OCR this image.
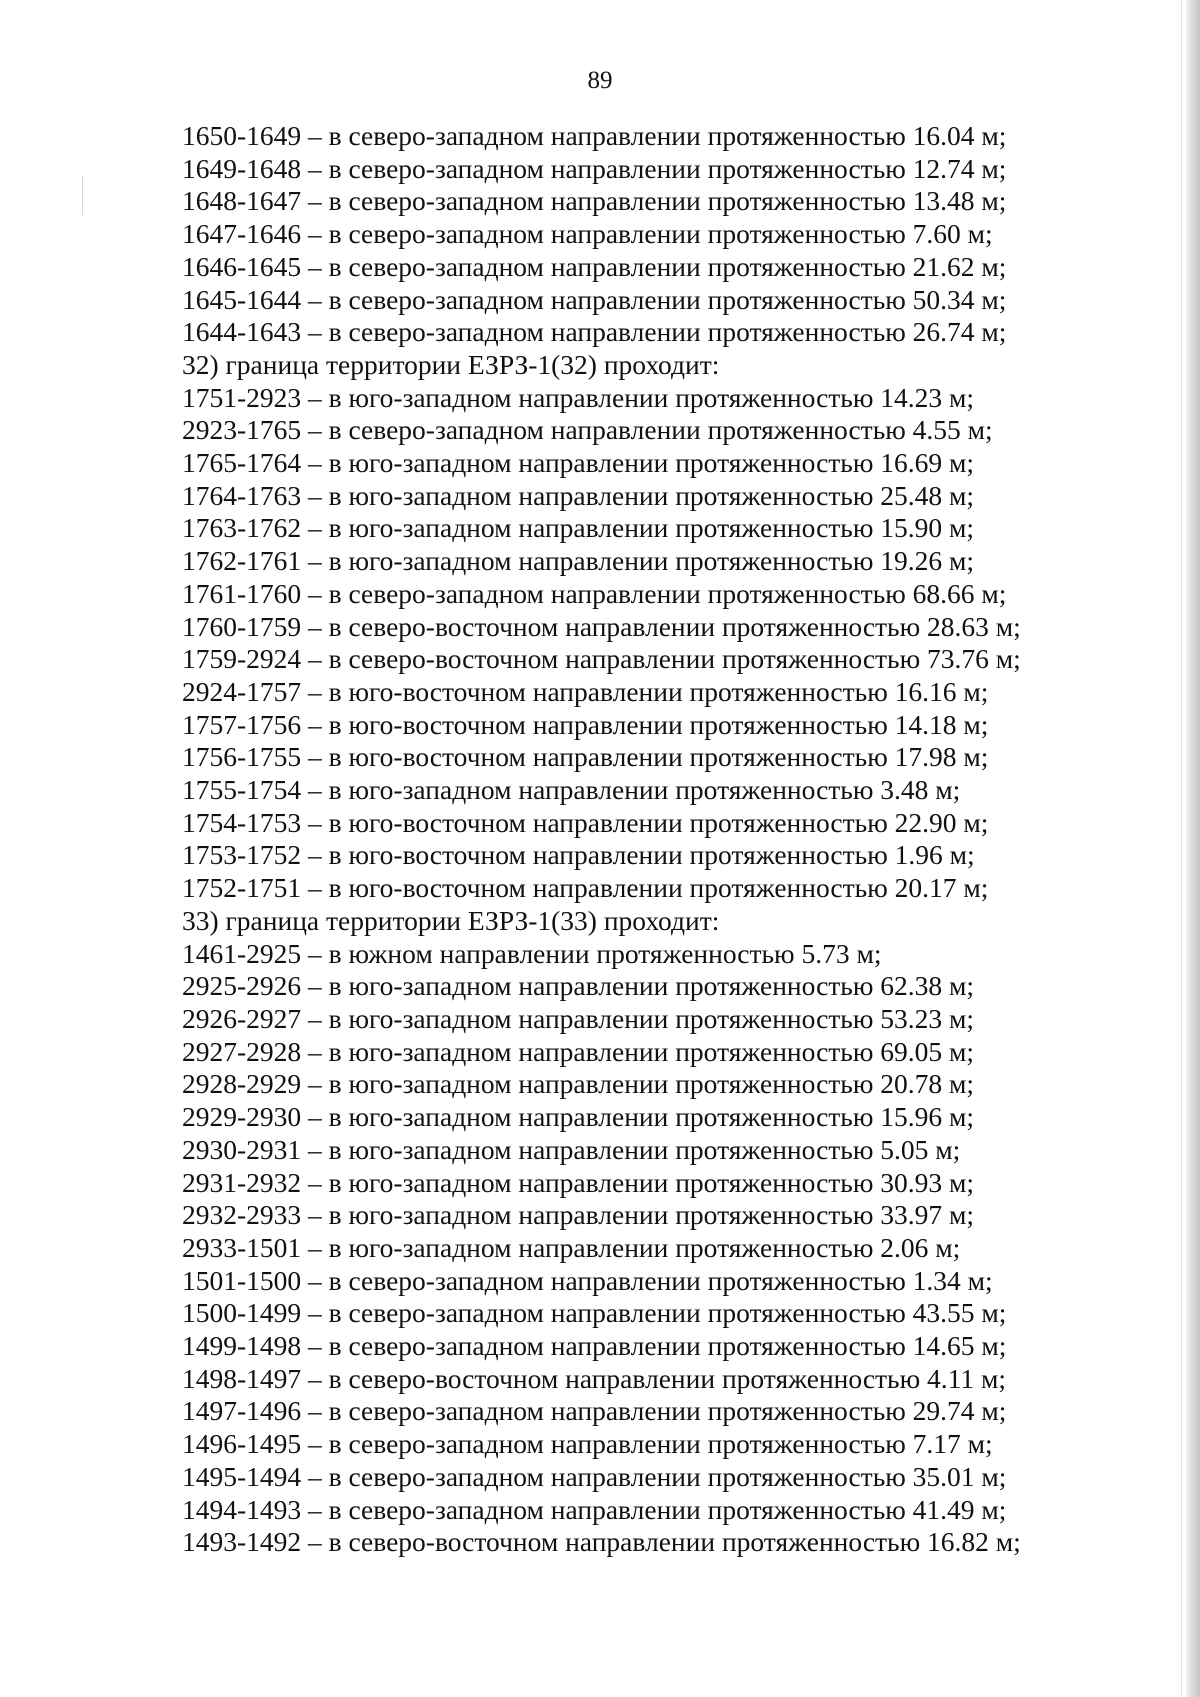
89
1650-1649 – в северо-западном направлении протяженностью 16.04 м;
1649-1648 – в северо-западном направлении протяженностью 12.74 м;
1648-1647 – в северо-западном направлении протяженностью 13.48 м;
1647-1646 – в северо-западном направлении протяженностью 7.60 м;
1646-1645 – в северо-западном направлении протяженностью 21.62 м;
1645-1644 – в северо-западном направлении протяженностью 50.34 м;
1644-1643 – в северо-западном направлении протяженностью 26.74 м;
32) граница территории ЕЗРЗ-1(32) проходит:
1751-2923 – в юго-западном направлении протяженностью 14.23 м;
2923-1765 – в северо-западном направлении протяженностью 4.55 м;
1765-1764 – в юго-западном направлении протяженностью 16.69 м;
1764-1763 – в юго-западном направлении протяженностью 25.48 м;
1763-1762 – в юго-западном направлении протяженностью 15.90 м;
1762-1761 – в юго-западном направлении протяженностью 19.26 м;
1761-1760 – в северо-западном направлении протяженностью 68.66 м;
1760-1759 – в северо-восточном направлении протяженностью 28.63 м;
1759-2924 – в северо-восточном направлении протяженностью 73.76 м;
2924-1757 – в юго-восточном направлении протяженностью 16.16 м;
1757-1756 – в юго-восточном направлении протяженностью 14.18 м;
1756-1755 – в юго-восточном направлении протяженностью 17.98 м;
1755-1754 – в юго-западном направлении протяженностью 3.48 м;
1754-1753 – в юго-восточном направлении протяженностью 22.90 м;
1753-1752 – в юго-восточном направлении протяженностью 1.96 м;
1752-1751 – в юго-восточном направлении протяженностью 20.17 м;
33) граница территории ЕЗРЗ-1(33) проходит:
1461-2925 – в южном направлении протяженностью 5.73 м;
2925-2926 – в юго-западном направлении протяженностью 62.38 м;
2926-2927 – в юго-западном направлении протяженностью 53.23 м;
2927-2928 – в юго-западном направлении протяженностью 69.05 м;
2928-2929 – в юго-западном направлении протяженностью 20.78 м;
2929-2930 – в юго-западном направлении протяженностью 15.96 м;
2930-2931 – в юго-западном направлении протяженностью 5.05 м;
2931-2932 – в юго-западном направлении протяженностью 30.93 м;
2932-2933 – в юго-западном направлении протяженностью 33.97 м;
2933-1501 – в юго-западном направлении протяженностью 2.06 м;
1501-1500 – в северо-западном направлении протяженностью 1.34 м;
1500-1499 – в северо-западном направлении протяженностью 43.55 м;
1499-1498 – в северо-западном направлении протяженностью 14.65 м;
1498-1497 – в северо-восточном направлении протяженностью 4.11 м;
1497-1496 – в северо-западном направлении протяженностью 29.74 м;
1496-1495 – в северо-западном направлении протяженностью 7.17 м;
1495-1494 – в северо-западном направлении протяженностью 35.01 м;
1494-1493 – в северо-западном направлении протяженностью 41.49 м;
1493-1492 – в северо-восточном направлении протяженностью 16.82 м;
